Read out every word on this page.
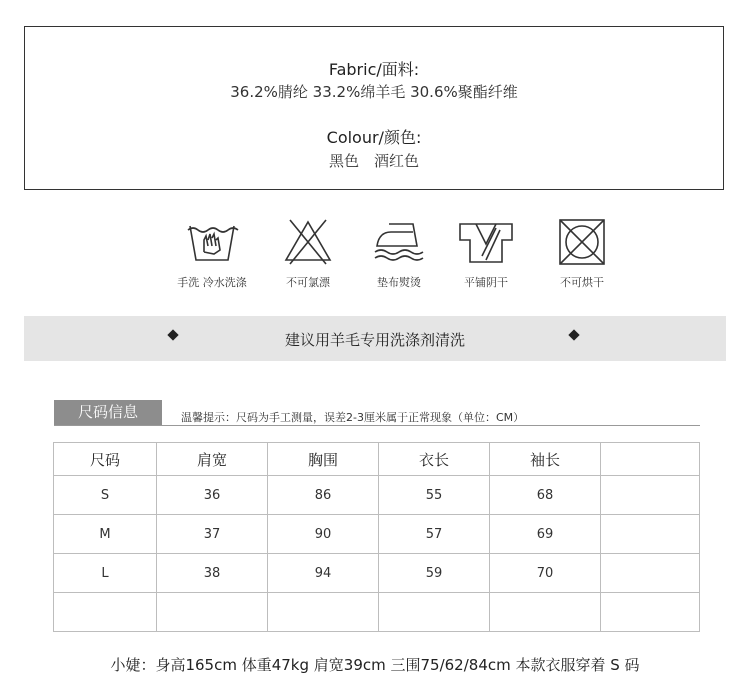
Fabric/面料:
36.2%腈纶 33.2%绵羊毛 30.6%聚酯纤维
Colour/颜色:
黑色　酒红色
手洗 冷水洗涤	不可氯漂	垫布熨烫	平铺阴干	不可烘干
建议用羊毛专用洗涤剂清洗
尺码信息	温馨提示：尺码为手工测量，误差2-3厘米属于正常现象（单位：CM）
尺码	肩宽	胸围	衣长	袖长	
S	36	86	55	68	
M	37	90	57	69	
L	38	94	59	70	

小婕：身高165cm 体重47kg 肩宽39cm 三围75/62/84cm 本款衣服穿着 S 码
